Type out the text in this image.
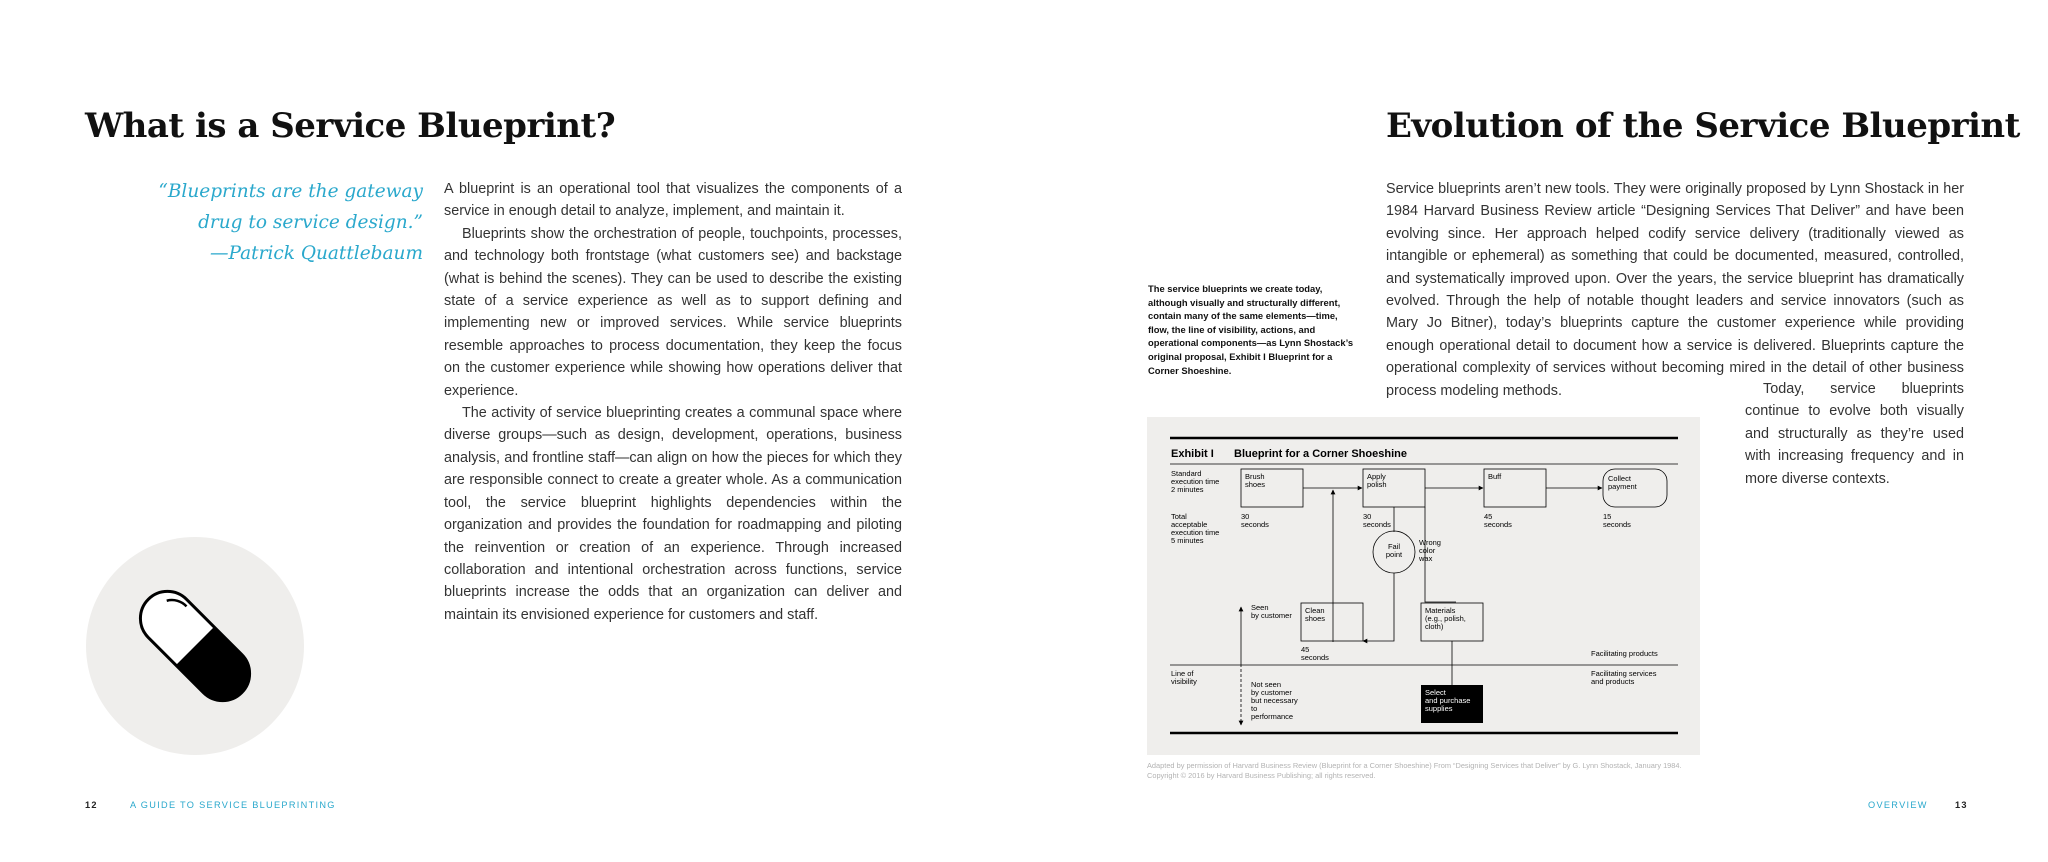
What is a Service Blueprint?
“Blueprints are the gateway
drug to service design.”
—Patrick Quattlebaum

A blueprint is an operational tool that visualizes the components of a service in enough detail to analyze, implement, and maintain it.

Blueprints show the orchestration of people, touchpoints, processes, and technology both frontstage (what customers see) and backstage (what is behind the scenes). They can be used to describe the existing state of a service experience as well as to support defining and implementing new or improved services. While service blueprints resemble approaches to process documentation, they keep the focus on the customer experience while showing how operations deliver that experience.

The activity of service blueprinting creates a communal space where diverse groups—such as design, development, operations, business analysis, and frontline staff—can align on how the pieces for which they are responsible connect to create a greater whole. As a communication tool, the service blueprint highlights dependencies within the organization and provides the foundation for roadmapping and piloting the reinvention or creation of an experience. Through increased collaboration and intentional orchestration across functions, service blueprints increase the odds that an organization can deliver and maintain its envisioned experience for customers and staff.

Evolution of the Service Blueprint
The service blueprints we create today, although visually and structurally different, contain many of the same elements—time, flow, the line of visibility, actions, and operational components—as Lynn Shostack’s original proposal, Exhibit I Blueprint for a Corner Shoeshine.
Service blueprints aren’t new tools. They were originally proposed by Lynn Shostack in her 1984 Harvard Business Review article “Designing Services That Deliver” and have been evolving since. Her approach helped codify service delivery (traditionally viewed as intangible or ephemeral) as something that could be documented, measured, controlled, and systematically improved upon. Over the years, the service blueprint has dramatically evolved. Through the help of notable thought leaders and service innovators (such as Mary Jo Bitner), today’s blueprints capture the customer experience while providing enough operational detail to document how a service is delivered. Blueprints capture the operational complexity of services without becoming mired in the detail of other business process modeling methods.	Today, service blueprints continue to evolve both visually and structurally as they’re used with increasing frequency and in more diverse contexts.

Exhibit I Blueprint for a Corner Shoeshine
Standard
execution time
2 minutes
Total
acceptable
execution time
5 minutes
Brush
shoes
30
seconds
Apply
polish
30
seconds
Buff
45
seconds
Collect
payment
15
seconds
Fail
point
Wrong
color
wax
Clean
shoes
45
seconds
Materials
(e.g., polish,
cloth)
Seen
by customer
Facilitating products
Line of
visibility
Facilitating services
and products
Not seen
by customer
but necessary
to
performance
Select
and purchase
supplies
Adapted by permission of Harvard Business Review (Blueprint for a Corner Shoeshine) From “Designing Services that Deliver” by G. Lynn Shostack, January 1984. Copyright © 2016 by Harvard Business Publishing; all rights reserved.
12	A GUIDE TO SERVICE BLUEPRINTING	OVERVIEW	13
